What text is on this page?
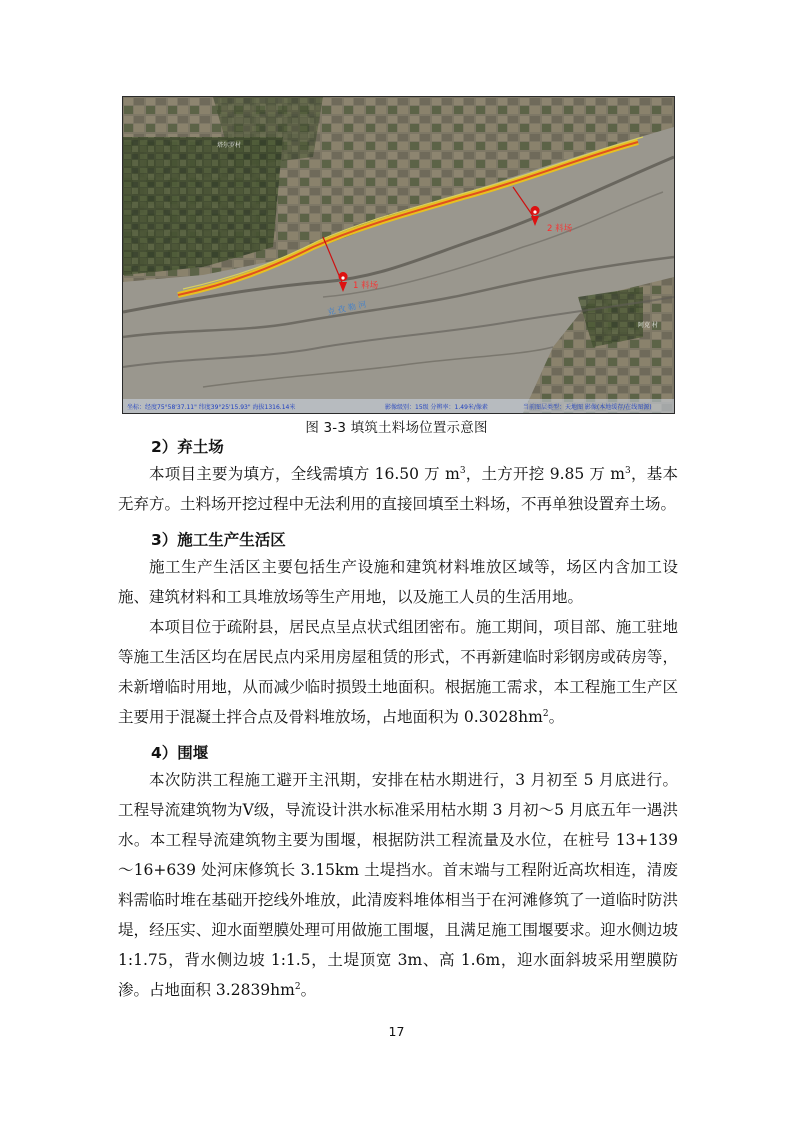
1 料场
2 料场
克 孜 勒 河
塔尔罗村
阿克 村
坐标：经度75°58'37.11" 纬度39°25'15.93" 海拔1316.14米	影像级别：15级 分辨率：1.49米/像素	当前图层类型：天地图 影像(本地缓存/在线图源)
图 3-3 填筑土料场位置示意图
2）弃土场
本项目主要为填方，全线需填方 16.50 万 $m^3$，土方开挖 9.85 万 $m^3$，基本无弃方。土料场开挖过程中无法利用的直接回填至土料场，不再单独设置弃土场。
3）施工生产生活区
施工生产生活区主要包括生产设施和建筑材料堆放区域等，场区内含加工设施、建筑材料和工具堆放场等生产用地，以及施工人员的生活用地。
本项目位于疏附县，居民点呈点状式组团密布。施工期间，项目部、施工驻地等施工生活区均在居民点内采用房屋租赁的形式，不再新建临时彩钢房或砖房等，未新增临时用地，从而减少临时损毁土地面积。根据施工需求，本工程施工生产区主要用于混凝土拌合点及骨料堆放场，占地面积为 $0.3028hm^2$。
4）围堰
本次防洪工程施工避开主汛期，安排在枯水期进行，3 月初至 5 月底进行。工程导流建筑物为Ⅴ级，导流设计洪水标准采用枯水期 3 月初～5 月底五年一遇洪水。本工程导流建筑物主要为围堰，根据防洪工程流量及水位，在桩号 13+139～16+639 处河床修筑长 3.15km 土堤挡水。首末端与工程附近高坎相连，清废料需临时堆在基础开挖线外堆放，此清废料堆体相当于在河滩修筑了一道临时防洪堤，经压实、迎水面塑膜处理可用做施工围堰，且满足施工围堰要求。迎水侧边坡 1:1.75，背水侧边坡 1:1.5，土堤顶宽 3m、高 1.6m，迎水面斜坡采用塑膜防渗。占地面积 $3.2839hm^2$。
17
